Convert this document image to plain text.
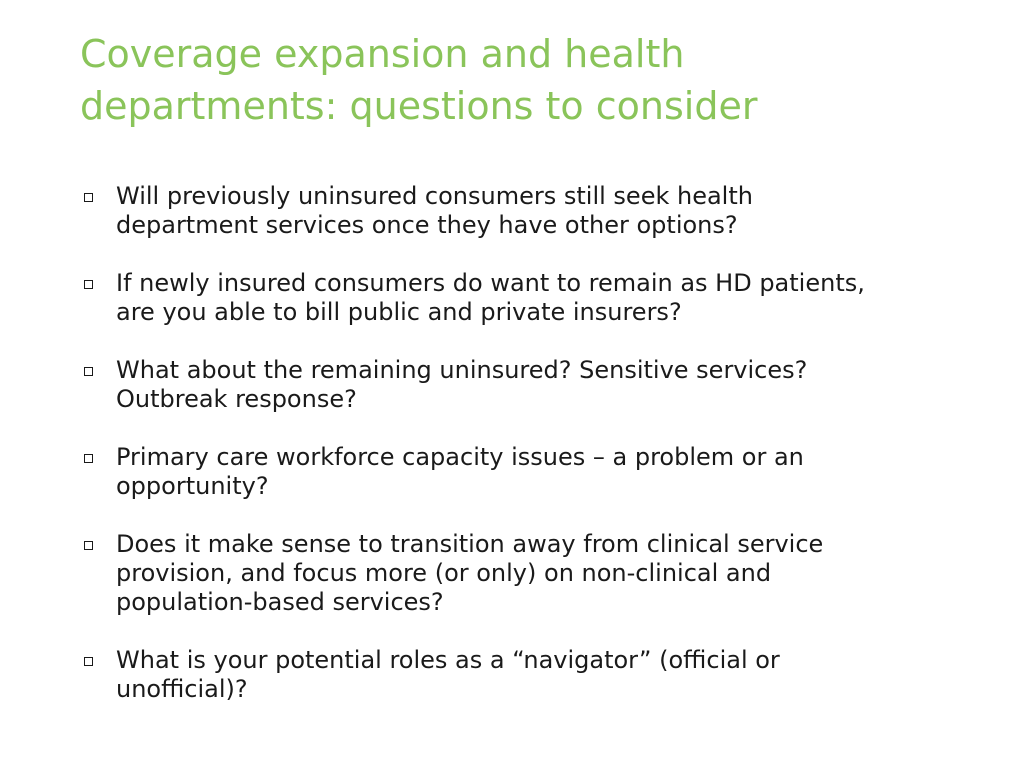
Coverage expansion and health
departments: questions to consider
Will previously uninsured consumers still seek health
department services once they have other options?
If newly insured consumers do want to remain as HD patients,
are you able to bill public and private insurers?
What about the remaining uninsured? Sensitive services?
Outbreak response?
Primary care workforce capacity issues – a problem or an
opportunity?
Does it make sense to transition away from clinical service
provision, and focus more (or only) on non-clinical and
population-based services?
What is your potential roles as a “navigator” (official or
unofficial)?
